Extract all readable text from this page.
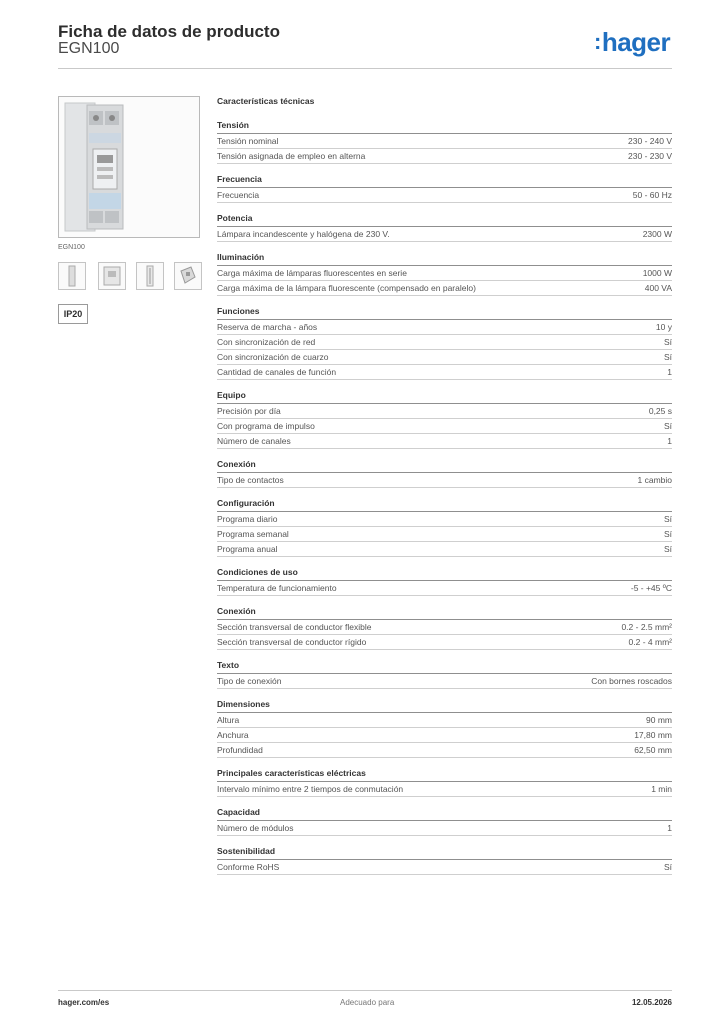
Ficha de datos de producto
EGN100	:hager
EGN100
IP20
Características técnicas
Tensión
Tensión nominal	230 - 240 V
Tensión asignada de empleo en alterna	230 - 230 V
Frecuencia
Frecuencia	50 - 60 Hz
Potencia
Lámpara incandescente y halógena de 230 V.	2300 W
Iluminación
Carga máxima de lámparas fluorescentes en serie	1000 W
Carga máxima de la lámpara fluorescente (compensado en paralelo)	400 VA
Funciones
Reserva de marcha - años	10 y
Con sincronización de red	Sí
Con sincronización de cuarzo	Sí
Cantidad de canales de función	1
Equipo
Precisión por día	0,25 s
Con programa de impulso	Sí
Número de canales	1
Conexión
Tipo de contactos	1 cambio
Configuración
Programa diario	Sí
Programa semanal	Sí
Programa anual	Sí
Condiciones de uso
Temperatura de funcionamiento	-5 - +45 ºC
Conexión
Sección transversal de conductor flexible	0.2 - 2.5 mm²
Sección transversal de conductor rígido	0.2 - 4 mm²
Texto
Tipo de conexión	Con bornes roscados
Dimensiones
Altura	90 mm
Anchura	17,80 mm
Profundidad	62,50 mm
Principales características eléctricas
Intervalo mínimo entre 2 tiempos de conmutación	1 min
Capacidad
Número de módulos	1
Sostenibilidad
Conforme RoHS	Sí
hager.com/es	Adecuado para	12.05.2026
